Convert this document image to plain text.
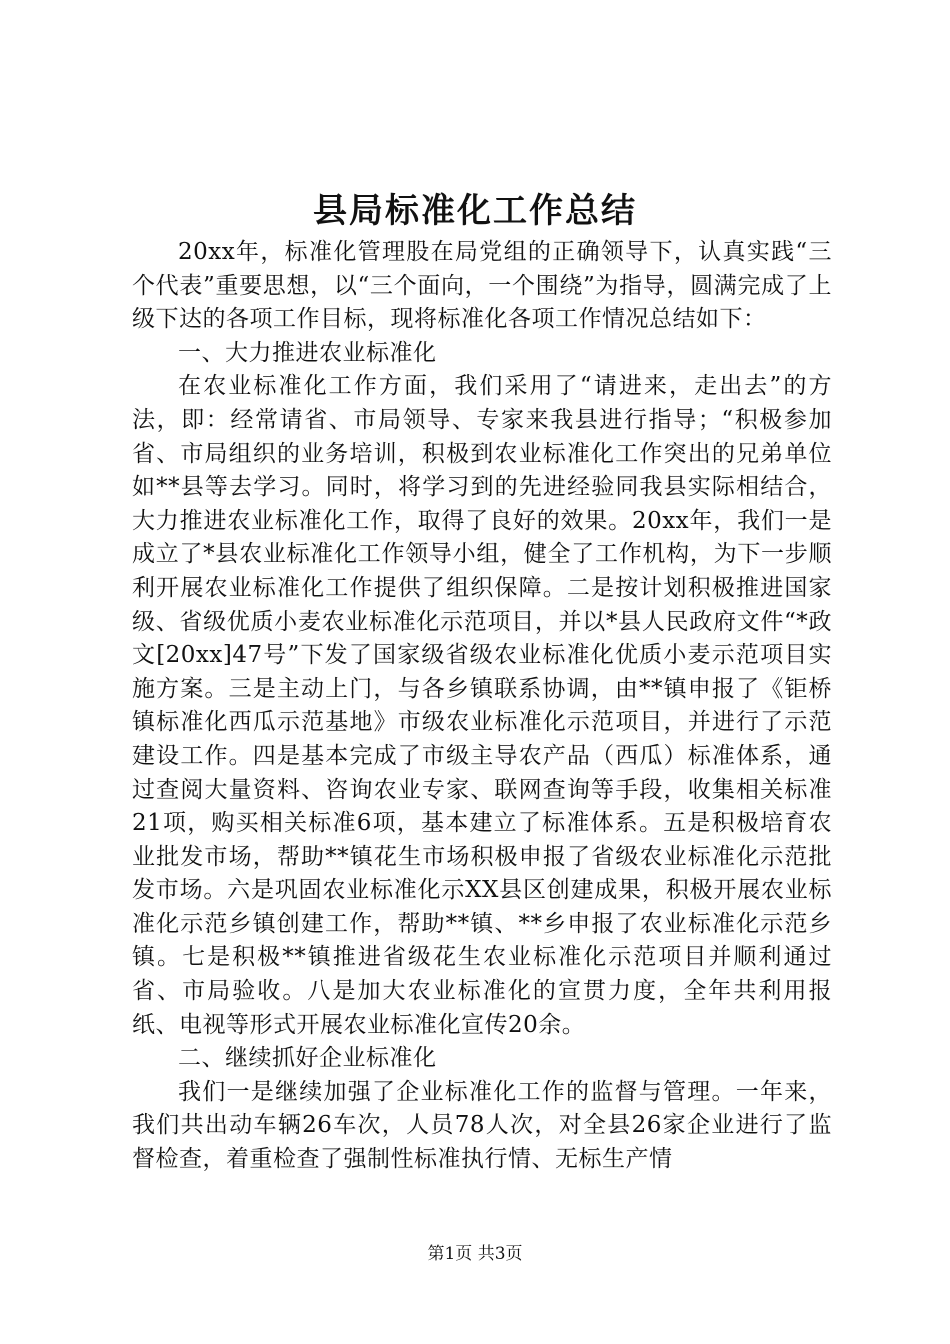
县局标准化工作总结

20xx年，标准化管理股在局党组的正确领导下，认真实践“三个代表”重要思想，以“三个面向，一个围绕”为指导，圆满完成了上级下达的各项工作目标，现将标准化各项工作情况总结如下：

一、大力推进农业标准化

在农业标准化工作方面，我们采用了“请进来，走出去”的方法，即：经常请省、市局领导、专家来我县进行指导；“积极参加省、市局组织的业务培训，积极到农业标准化工作突出的兄弟单位如**县等去学习。同时，将学习到的先进经验同我县实际相结合，大力推进农业标准化工作，取得了良好的效果。20xx年，我们一是成立了*县农业标准化工作领导小组，健全了工作机构，为下一步顺利开展农业标准化工作提供了组织保障。二是按计划积极推进国家级、省级优质小麦农业标准化示范项目，并以*县人民政府文件“*政文[20xx]47号”下发了国家级省级农业标准化优质小麦示范项目实施方案。三是主动上门，与各乡镇联系协调，由**镇申报了《钜桥镇标准化西瓜示范基地》市级农业标准化示范项目，并进行了示范建设工作。四是基本完成了市级主导农产品（西瓜）标准体系，通过查阅大量资料、咨询农业专家、联网查询等手段，收集相关标准21项，购买相关标准6项，基本建立了标准体系。五是积极培育农业批发市场，帮助**镇花生市场积极申报了省级农业标准化示范批发市场。六是巩固农业标准化示XX县区创建成果，积极开展农业标准化示范乡镇创建工作，帮助**镇、**乡申报了农业标准化示范乡镇。七是积极**镇推进省级花生农业标准化示范项目并顺利通过省、市局验收。八是加大农业标准化的宣贯力度，全年共利用报纸、电视等形式开展农业标准化宣传20余。

二、继续抓好企业标准化

我们一是继续加强了企业标准化工作的监督与管理。一年来，我们共出动车辆26车次，人员78人次，对全县26家企业进行了监督检查，着重检查了强制性标准执行情、无标生产情

第1页 共3页
